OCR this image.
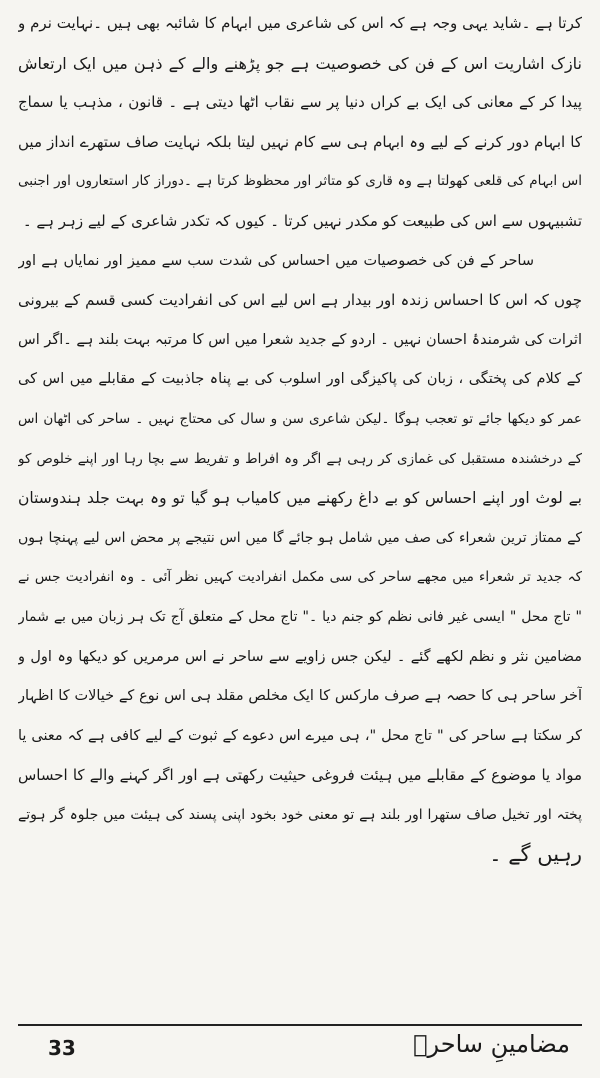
کرتا ہے ۔شاید یہی وجہ ہے کہ اس کی شاعری میں ابہام کا شائبہ بھی ہیں ۔نہایت نرم و
نازک اشاریت اس کے فن کی خصوصیت ہے جو پڑھنے والے کے ذہن میں ایک ارتعاش
پیدا کر کے معانی کی ایک بے کراں دنیا پر سے نقاب اٹھا دیتی ہے ۔ قانون ، مذہب یا سماج
کا ابہام دور کرنے کے لیے وہ ابہام ہی سے کام نہیں لیتا بلکہ نہایت صاف ستھرے انداز میں
اس ابہام کی قلعی کھولتا ہے وہ قاری کو متاثر اور محظوظ کرتا ہے ۔دوراز کار استعاروں اور اجنبی
تشبیہوں سے اس کی طبیعت کو مکدر نہیں کرتا ۔ کیوں کہ تکدر شاعری کے لیے زہر ہے ۔
ساحر کے فن کی خصوصیات میں احساس کی شدت سب سے ممیز اور نمایاں ہے اور
چوں کہ اس کا احساس زندہ اور بیدار ہے اس لیے اس کی انفرادیت کسی قسم کے بیرونی
اثرات کی شرمندۂ احسان نہیں ۔ اردو کے جدید شعرا میں اس کا مرتبہ بہت بلند ہے ۔اگر اس
کے کلام کی پختگی ، زبان کی پاکیزگی اور اسلوب کی بے پناہ جاذبیت کے مقابلے میں اس کی
عمر کو دیکھا جائے تو تعجب ہوگا ۔لیکن شاعری سن و سال کی محتاج نہیں ۔ ساحر کی اٹھان اس
کے درخشندہ مستقبل کی غمازی کر رہی ہے اگر وہ افراط و تفریط سے بچا رہا اور اپنے خلوص کو
بے لوث اور اپنے احساس کو بے داغ رکھنے میں کامیاب ہو گیا تو وہ بہت جلد ہندوستان
کے ممتاز ترین شعراء کی صف میں شامل ہو جائے گا میں اس نتیجے پر محض اس لیے پہنچا ہوں
کہ جدید تر شعراء میں مجھے ساحر کی سی مکمل انفرادیت کہیں نظر آئی ۔ وہ انفرادیت جس نے
" تاج محل " ایسی غیر فانی نظم کو جنم دیا ۔" تاج محل کے متعلق آج تک ہر زبان میں بے شمار
مضامین نثر و نظم لکھے گئے ۔ لیکن جس زاویے سے ساحر نے اس مرمریں کو دیکھا وہ اول و
آخر ساحر ہی کا حصہ ہے صرف مارکس کا ایک مخلص مقلد ہی اس نوع کے خیالات کا اظہار
کر سکتا ہے ساحر کی " تاج محل "، ہی میرے اس دعوے کے ثبوت کے لیے کافی ہے کہ معنی یا
مواد یا موضوع کے مقابلے میں ہیئت فروغی حیثیت رکھتی ہے اور اگر کہنے والے کا احساس
پختہ اور تخیل صاف ستھرا اور بلند ہے تو معنی خود بخود اپنی پسند کی ہیئت میں جلوہ گر ہوتے
رہیں گے ۔
33	مضامینِ ساحرؔ
